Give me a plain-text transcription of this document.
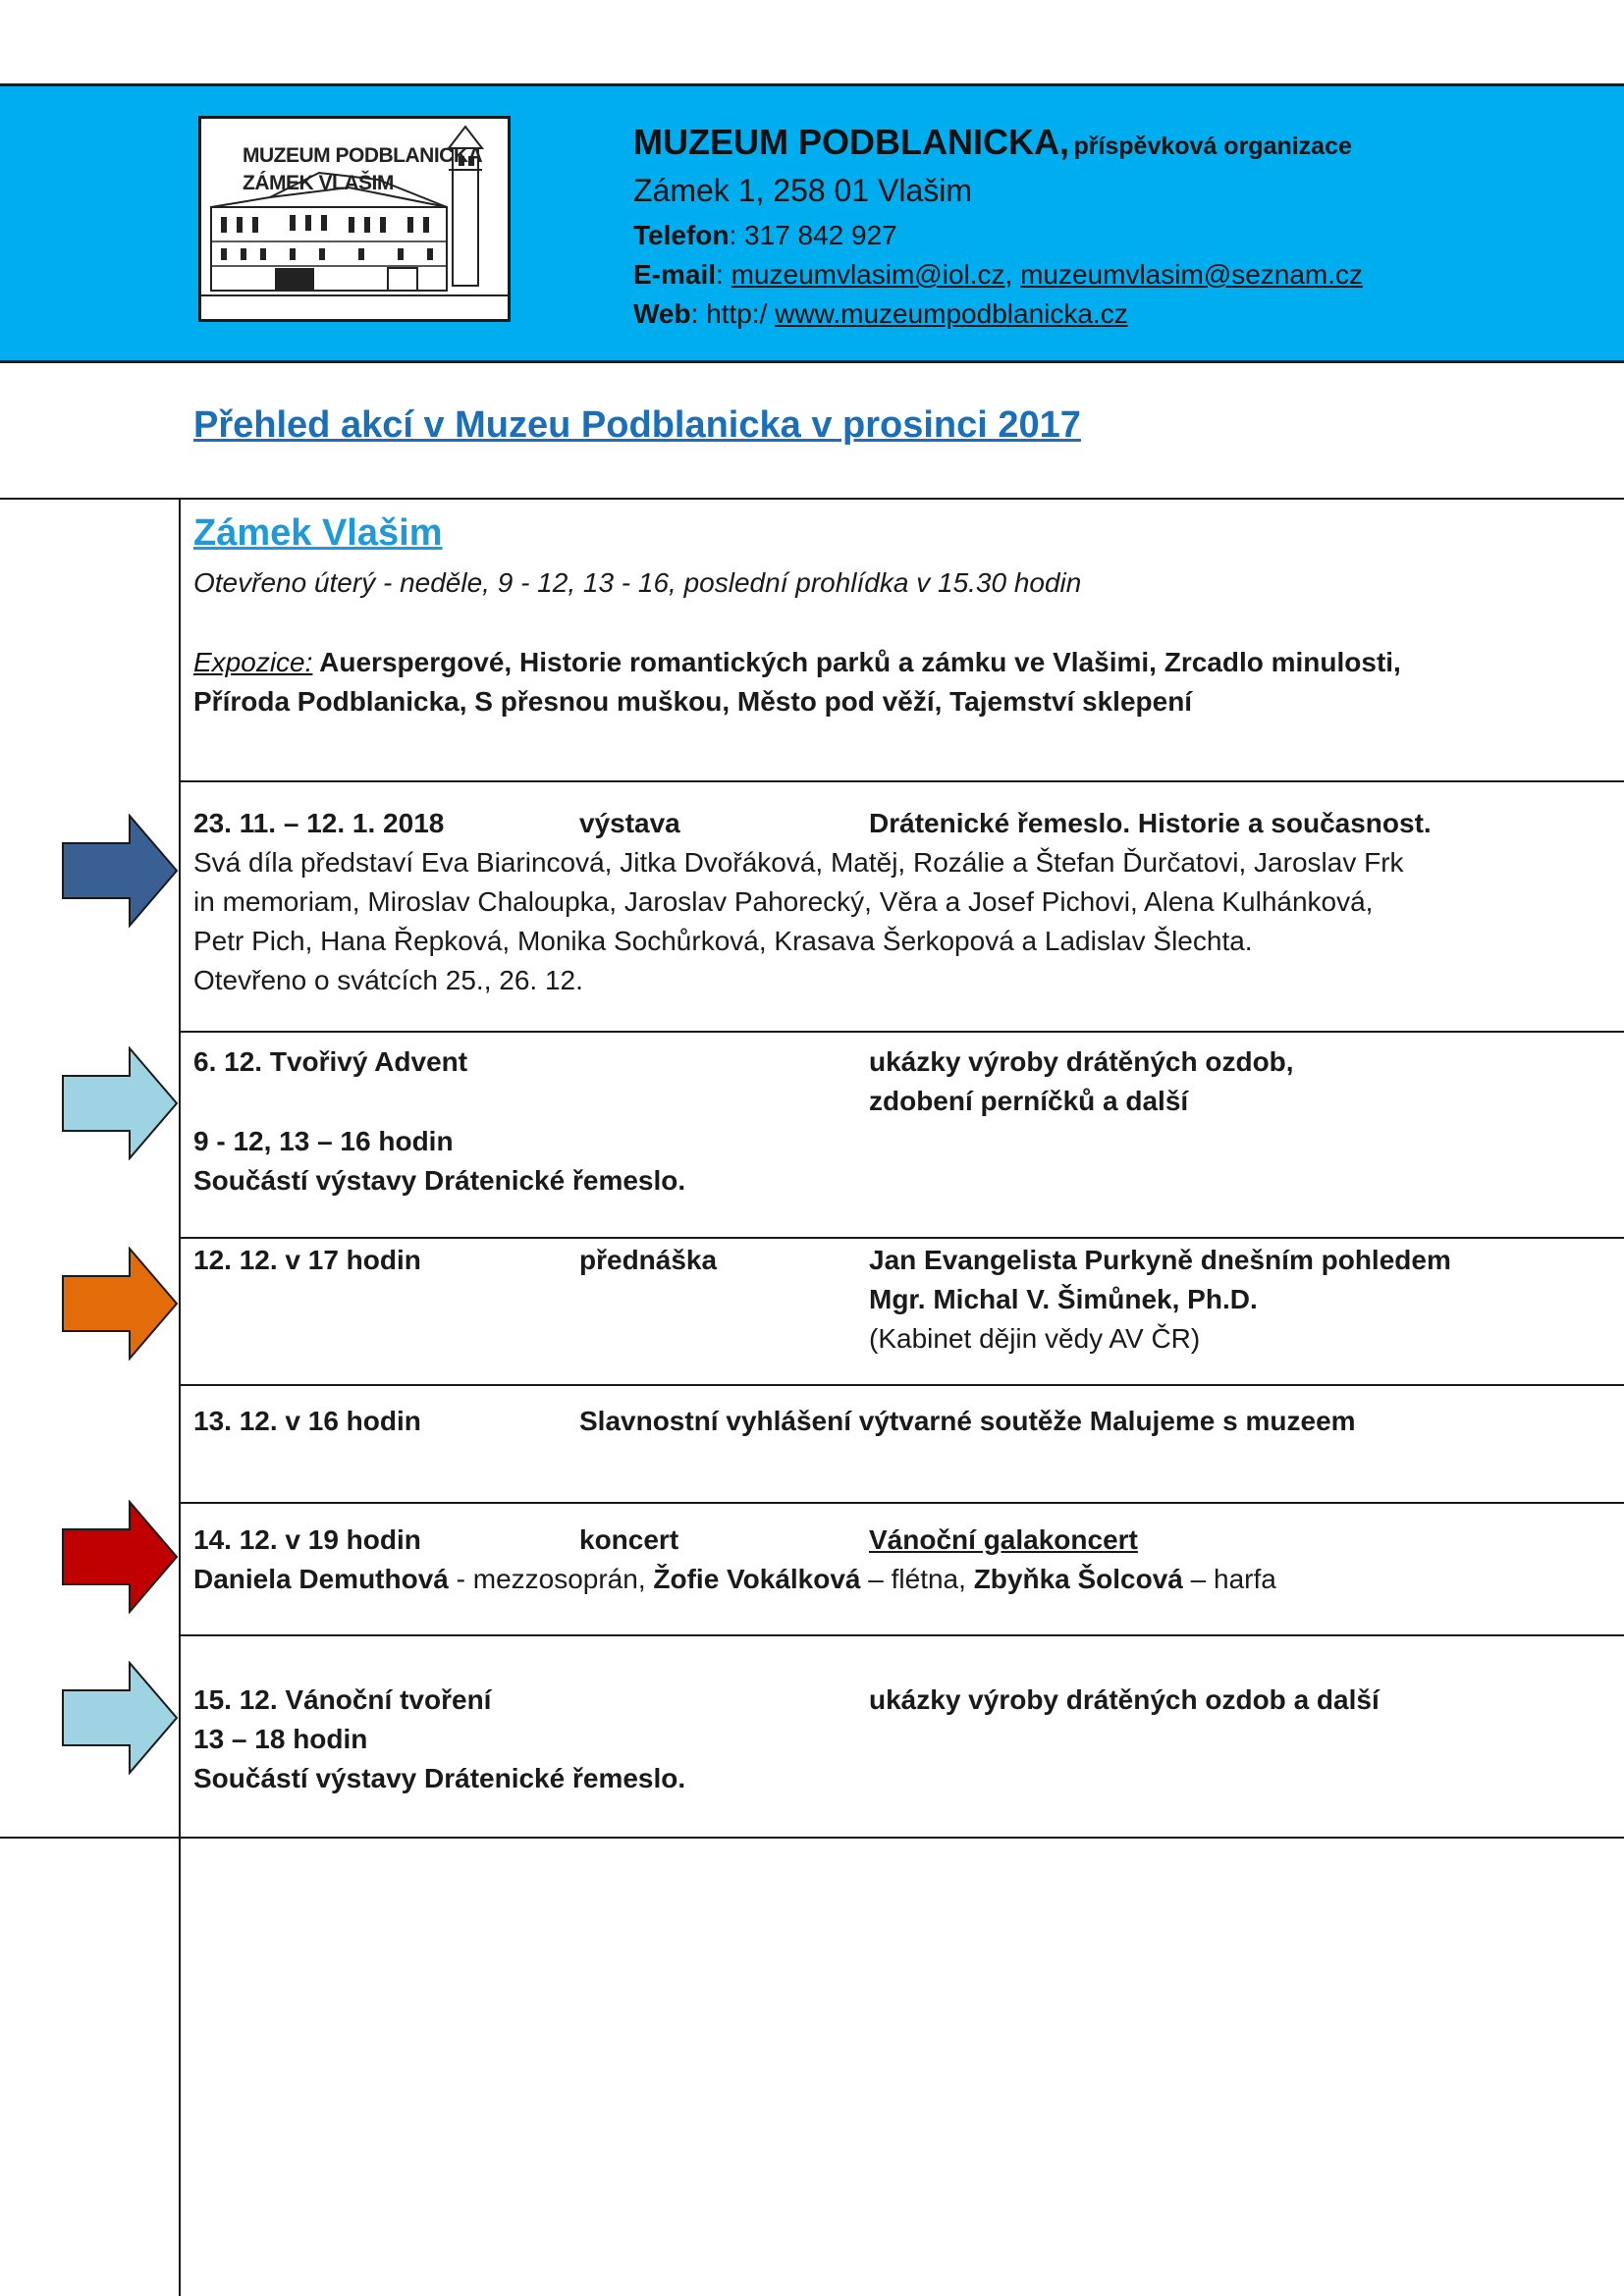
MUZEUM PODBLANICKA
ZÁMEK VLAŠIM
MUZEUM PODBLANICKA, příspěvková organizace
Zámek 1, 258 01 Vlašim
Telefon: 317 842 927
E-mail: muzeumvlasim@iol.cz, muzeumvlasim@seznam.cz
Web: http:/ www.muzeumpodblanicka.cz
Přehled akcí v Muzeu Podblanicka v prosinci 2017
Zámek Vlašim
Otevřeno úterý - neděle, 9 - 12, 13 - 16, poslední prohlídka v 15.30 hodin
Expozice: Auerspergové, Historie romantických parků a zámku ve Vlašimi, Zrcadlo minulosti,
Příroda Podblanicka, S přesnou muškou, Město pod věží, Tajemství sklepení
23. 11. – 12. 1. 2018	výstava	Drátenické řemeslo. Historie a současnost.
Svá díla představí Eva Biarincová, Jitka Dvořáková, Matěj, Rozálie a Štefan Ďurčatovi, Jaroslav Frk
in memoriam, Miroslav Chaloupka, Jaroslav Pahorecký, Věra a Josef Pichovi, Alena Kulhánková,
Petr Pich, Hana Řepková, Monika Sochůrková, Krasava Šerkopová a Ladislav Šlechta.
Otevřeno o svátcích 25., 26. 12.
6. 12. Tvořivý Advent	ukázky výroby drátěných ozdob,
zdobení perníčků a další
9 - 12, 13 – 16 hodin
Součástí výstavy Drátenické řemeslo.
12. 12. v 17 hodin	přednáška	Jan Evangelista Purkyně dnešním pohledem
Mgr. Michal V. Šimůnek, Ph.D.
(Kabinet dějin vědy AV ČR)
13. 12. v 16 hodin	Slavnostní vyhlášení výtvarné soutěže Malujeme s muzeem
14. 12. v 19 hodin	koncert	Vánoční galakoncert
Daniela Demuthová - mezzosoprán, Žofie Vokálková – flétna, Zbyňka Šolcová – harfa
15. 12. Vánoční tvoření	ukázky výroby drátěných ozdob a další
13 – 18 hodin
Součástí výstavy Drátenické řemeslo.
